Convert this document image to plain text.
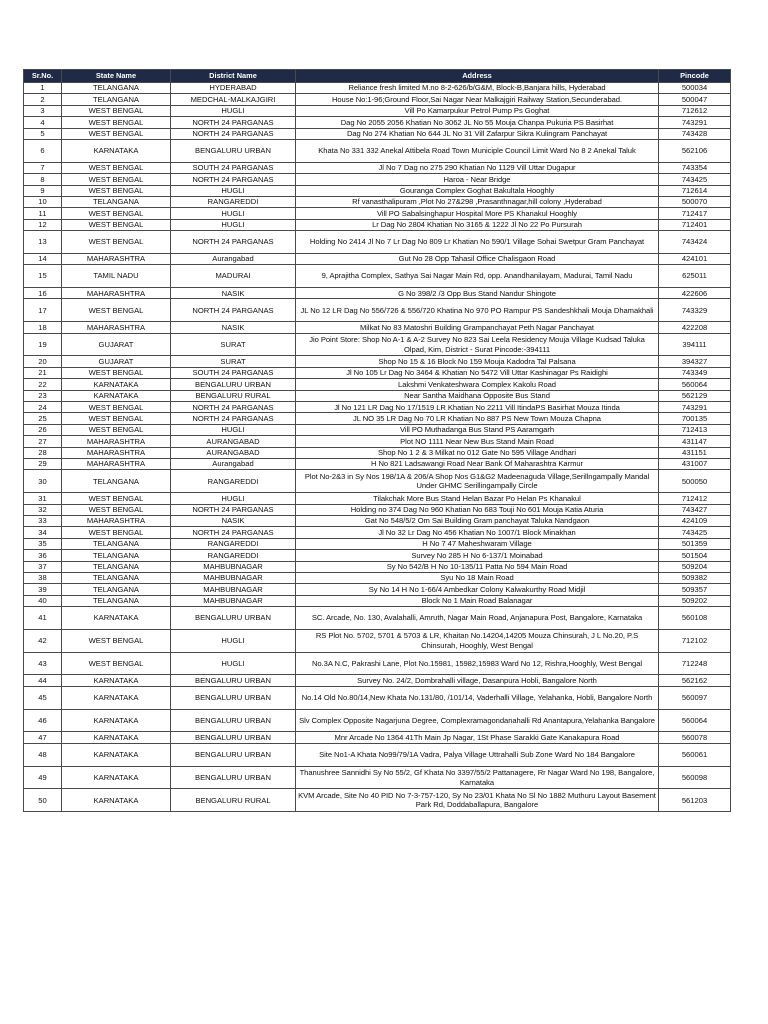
Sr.No.	State Name	District Name	Address	Pincode
1	TELANGANA	HYDERABAD	Reliance fresh limited M.no 8-2-626/b/G&M, Block-B,Banjara hills, Hyderabad	500034
2	TELANGANA	MEDCHAL-MALKAJGIRI	House No:1-96;Ground Floor,Sai Nagar Near Malkajgiri Railway Station,Secunderabad.	500047
3	WEST BENGAL	HUGLI	Vill Po Kamarpukur Petrol Pump Ps Goghat	712612
4	WEST BENGAL	NORTH 24 PARGANAS	Dag No 2055 2056 Khatian No 3062 JL No 55 Mouja Chanpa Pukuria PS Basirhat	743291
5	WEST BENGAL	NORTH 24 PARGANAS	Dag No 274 Khatian No 644 JL No 31 Vill Zafarpur Sikra Kulingram Panchayat	743428
6	KARNATAKA	BENGALURU URBAN	Khata No 331 332 Anekal Attibela Road Town Municiple Council Limit Ward No 8 2 Anekal Taluk	562106
7	WEST BENGAL	SOUTH 24 PARGANAS	Jl No 7 Dag no 275 290 Khatian No 1129 Vill Uttar Dugapur	743354
8	WEST BENGAL	NORTH 24 PARGANAS	Haroa - Near Bridge	743425
9	WEST BENGAL	HUGLI	Gouranga Complex Goghat Bakultala Hooghly	712614
10	TELANGANA	RANGAREDDI	Rf vanasthalipuram ,Plot No 27&298 ,Prasanthnagar,hill colony ,Hyderabad	500070
11	WEST BENGAL	HUGLI	Vill PO Sabalsinghapur Hospital More PS Khanakul Hooghly	712417
12	WEST BENGAL	HUGLI	Lr Dag No 2804 Khatian No 3165 & 1222 Jl No 22 Po Pursurah	712401
13	WEST BENGAL	NORTH 24 PARGANAS	Holding No 2414 Jl No 7 Lr Dag No 809 Lr Khatian No 590/1 Village Sohai Swetpur Gram Panchayat	743424
14	MAHARASHTRA	Aurangabad	Gut No 28 Opp Tahasil Office Chalisgaon Road	424101
15	TAMIL NADU	MADURAI	9, Aprajitha Complex, Sathya Sai Nagar Main Rd, opp. Anandhanilayam, Madurai, Tamil Nadu	625011
16	MAHARASHTRA	NASIK	G No 398/2 /3 Opp Bus Stand Nandur Shingote	422606
17	WEST BENGAL	NORTH 24 PARGANAS	JL No 12 LR Dag No 556/726 & 556/720 Khatina No 970 PO Rampur PS Sandeshkhali Mouja Dhamakhali	743329
18	MAHARASHTRA	NASIK	Milkat No 83 Matoshri Building Grampanchayat Peth Nagar Panchayat	422208
19	GUJARAT	SURAT	Jio Point Store: Shop No A-1 & A-2 Survey No 823 Sai Leela Residency Mouja Village Kudsad Taluka Olpad, Kim, District - Surat Pincode:-394111	394111
20	GUJARAT	SURAT	Shop No 15 & 16 Block No 159 Mouja Kadodra Tal Palsana	394327
21	WEST BENGAL	SOUTH 24 PARGANAS	Jl No 105 Lr Dag No 3464 & Khatian No 5472 Vill Uttar Kashinagar Ps Raidighi	743349
22	KARNATAKA	BENGALURU URBAN	Lakshmi Venkateshwara Complex Kakolu Road	560064
23	KARNATAKA	BENGALURU RURAL	Near Santha Maidhana Opposite Bus Stand	562129
24	WEST BENGAL	NORTH 24 PARGANAS	Jl No 121 LR Dag No 17/1519 LR Khatian No 2211 Vill ItindaPS Basirhat Mouza Itinda	743291
25	WEST BENGAL	NORTH 24 PARGANAS	JL NO 35 LR Dag No 70 LR Khatian No 887 PS New Town Mouza Chapna	700135
26	WEST BENGAL	HUGLI	Vill PO Muthadanga Bus Stand PS Aaramgarh	712413
27	MAHARASHTRA	AURANGABAD	Plot NO 1111 Near New Bus Stand Main Road	431147
28	MAHARASHTRA	AURANGABAD	Shop No 1 2 & 3 Milkat no 012 Gate No 595 Village Andhari	431151
29	MAHARASHTRA	Aurangabad	H No 821 Ladsawangi Road Near Bank Of Maharashtra Karmur	431007
30	TELANGANA	RANGAREDDI	Plot No-2&3 in Sy Nos 198/1A & 206/A Shop Nos G1&G2 Madeenaguda Village,Serillngampally Mandal Under GHMC Serillingampally Circle	500050
31	WEST BENGAL	HUGLI	Tilakchak More Bus Stand Helan Bazar Po Helan Ps Khanakul	712412
32	WEST BENGAL	NORTH 24 PARGANAS	Holding no 374 Dag No 960 Khatian No 683 Touji No 601 Mouja Katia Aturia	743427
33	MAHARASHTRA	NASIK	Gat No 548/5/2 Om Sai Building Gram panchayat Taluka Nandgaon	424109
34	WEST BENGAL	NORTH 24 PARGANAS	Jl No 32 Lr Dag No 456 Khatian No 1007/1 Block Minakhan	743425
35	TELANGANA	RANGAREDDI	H No 7 47 Maheshwaram Village	501359
36	TELANGANA	RANGAREDDI	Survey No 285 H No 6-137/1 Moinabad	501504
37	TELANGANA	MAHBUBNAGAR	Sy No 542/B H No 10-135/11 Patta No 594 Main Road	509204
38	TELANGANA	MAHBUBNAGAR	Syu No 18 Main Road	509382
39	TELANGANA	MAHBUBNAGAR	Sy No 14 H No 1-66/4 Ambedkar Colony Kalwakurthy Road Midjil	509357
40	TELANGANA	MAHBUBNAGAR	Block No 1 Main Road Balanagar	509202
41	KARNATAKA	BENGALURU URBAN	SC. Arcade, No. 130, Avalahalli, Amruth, Nagar Main Road, Anjanapura Post, Bangalore, Karnataka	560108
42	WEST BENGAL	HUGLI	RS Plot No. 5702, 5701 & 5703 & LR, Khaitan No.14204,14205 Mouza Chinsurah, J L No.20, P.S Chinsurah, Hooghly, West Bengal	712102
43	WEST BENGAL	HUGLI	No.3A N.C, Pakrashi Lane, Plot No.15981, 15982,15983 Ward No 12, Rishra,Hooghly, West Bengal	712248
44	KARNATAKA	BENGALURU URBAN	Survey No. 24/2, Dombrahalli village, Dasanpura Hobli, Bangalore North	562162
45	KARNATAKA	BENGALURU URBAN	No.14 Old No.80/14,New Khata No.131/80, /101/14, Vaderhalli Village, Yelahanka, Hobli, Bangalore North	560097
46	KARNATAKA	BENGALURU URBAN	Slv Complex Opposite Nagarjuna Degree, Complexramagondanahalli Rd Anantapura,Yelahanka Bangalore	560064
47	KARNATAKA	BENGALURU URBAN	Mnr Arcade No 1364 41Th Main Jp Nagar, 1St Phase Sarakki Gate Kanakapura Road	560078
48	KARNATAKA	BENGALURU URBAN	Site No1-A Khata No99/79/1A Vadra, Palya Village Uttrahalli Sub Zone Ward No 184 Bangalore	560061
49	KARNATAKA	BENGALURU URBAN	Thanushree Sannidhi Sy No 55/2, Gf Khata No 3397/55/2 Pattanagere, Rr Nagar Ward No 198, Bangalore, Karnataka	560098
50	KARNATAKA	BENGALURU RURAL	KVM Arcade, Site No 40 PID No 7-3-757-120, Sy No 23/01 Khata No Sl No 1882 Muthuru Layout Basement Park Rd, Doddaballapura, Bangalore	561203
